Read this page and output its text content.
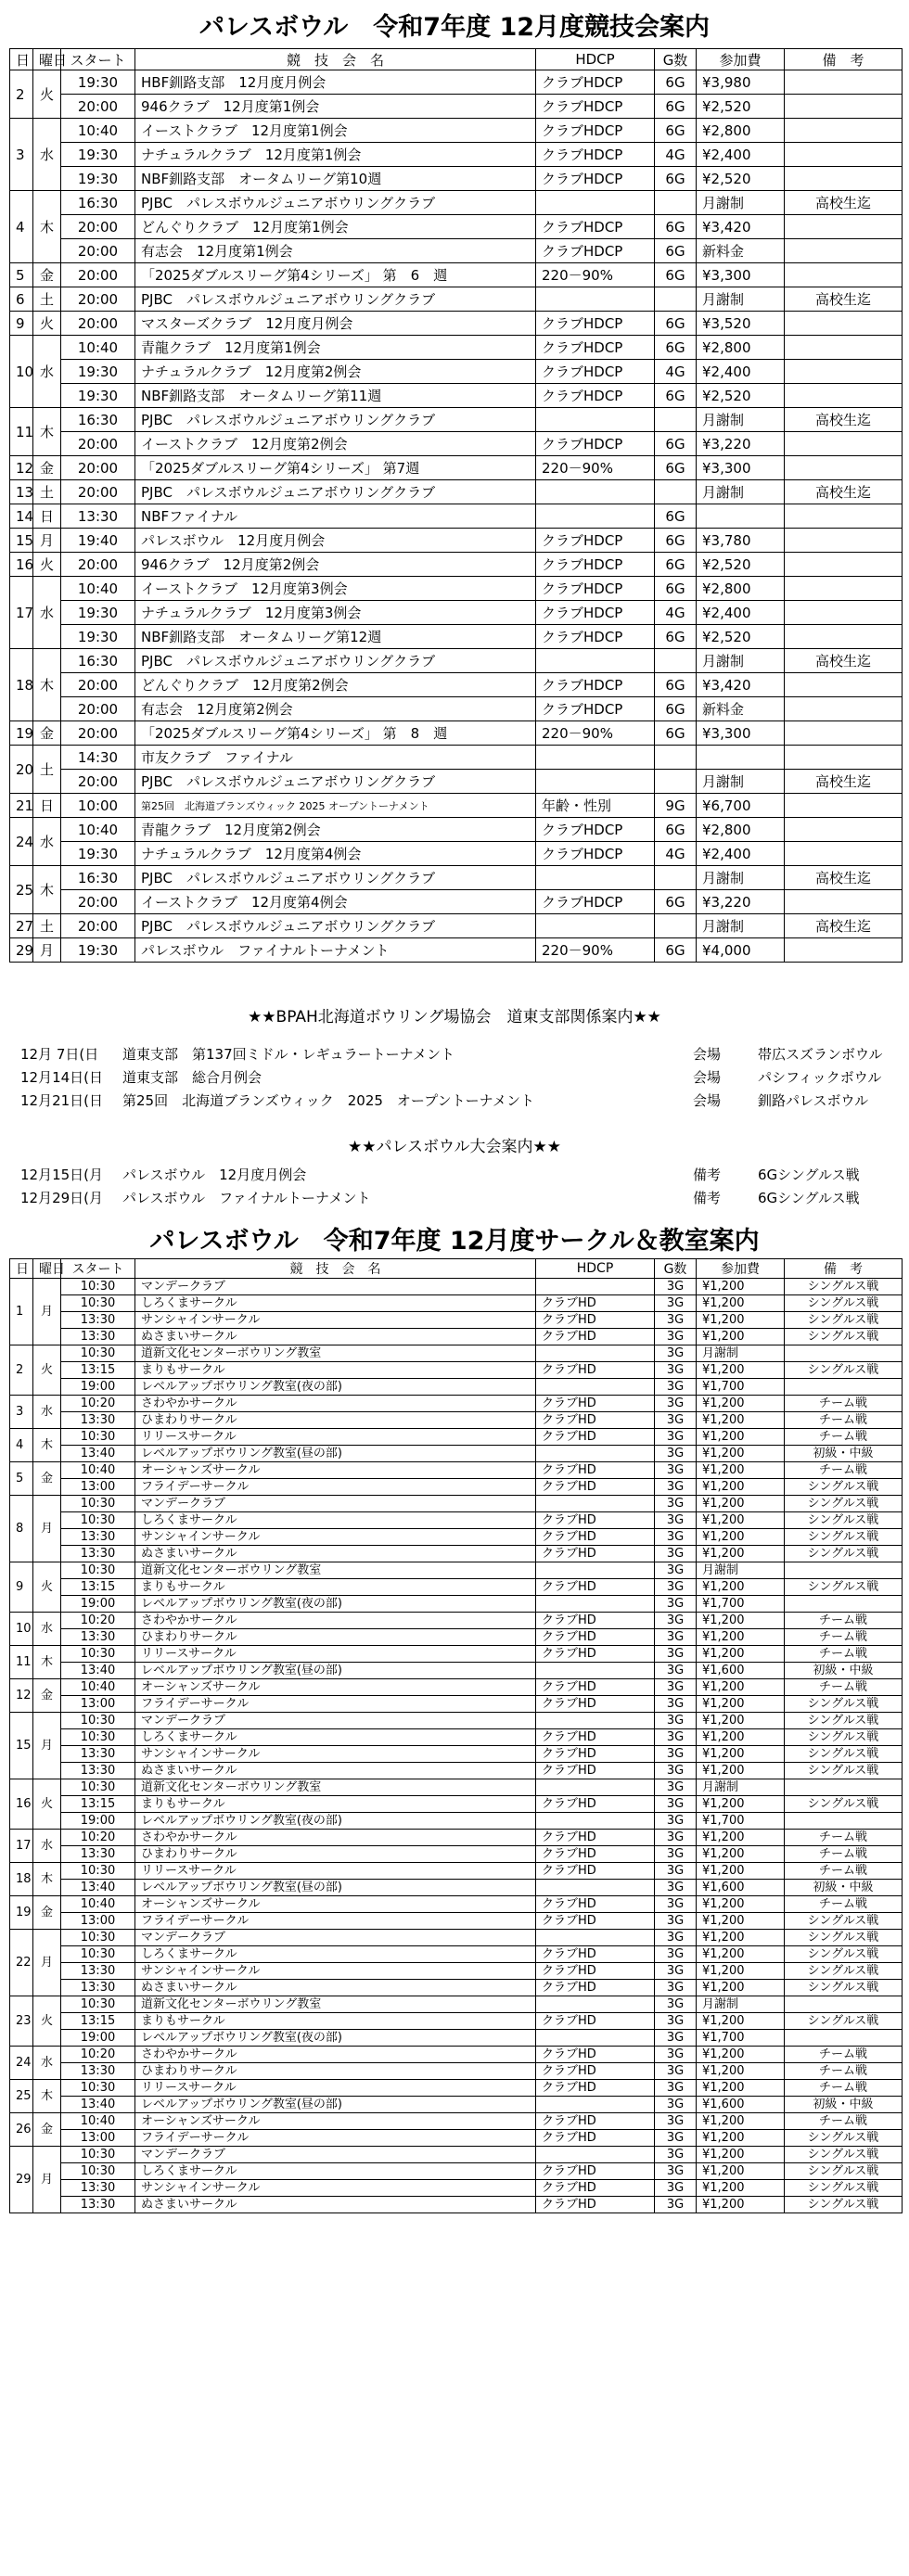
パレスボウル　令和7年度 12月度競技会案内
日	曜日	スタート	競　技　会　名	HDCP	G数	参加費	備　考
2	火	19:30	HBF釧路支部　12月度月例会	クラブHDCP	6G	¥3,980	
		20:00	946クラブ　12月度第1例会	クラブHDCP	6G	¥2,520	
3	水	10:40	イーストクラブ　12月度第1例会	クラブHDCP	6G	¥2,800	
		19:30	ナチュラルクラブ　12月度第1例会	クラブHDCP	4G	¥2,400	
		19:30	NBF釧路支部　オータムリーグ第10週	クラブHDCP	6G	¥2,520	
4	木	16:30	PJBC　パレスボウルジュニアボウリングクラブ			月謝制	高校生迄
		20:00	どんぐりクラブ　12月度第1例会	クラブHDCP	6G	¥3,420	
		20:00	有志会　12月度第1例会	クラブHDCP	6G	新料金	
5	金	20:00	「2025ダブルスリーグ第4シリーズ」 第　6　週	220－90%	6G	¥3,300	
6	土	20:00	PJBC　パレスボウルジュニアボウリングクラブ			月謝制	高校生迄
9	火	20:00	マスターズクラブ　12月度月例会	クラブHDCP	6G	¥3,520	
10	水	10:40	青龍クラブ　12月度第1例会	クラブHDCP	6G	¥2,800	
		19:30	ナチュラルクラブ　12月度第2例会	クラブHDCP	4G	¥2,400	
		19:30	NBF釧路支部　オータムリーグ第11週	クラブHDCP	6G	¥2,520	
11	木	16:30	PJBC　パレスボウルジュニアボウリングクラブ			月謝制	高校生迄
		20:00	イーストクラブ　12月度第2例会	クラブHDCP	6G	¥3,220	
12	金	20:00	「2025ダブルスリーグ第4シリーズ」 第7週	220－90%	6G	¥3,300	
13	土	20:00	PJBC　パレスボウルジュニアボウリングクラブ			月謝制	高校生迄
14	日	13:30	NBFファイナル		6G		
15	月	19:40	パレスボウル　12月度月例会	クラブHDCP	6G	¥3,780	
16	火	20:00	946クラブ　12月度第2例会	クラブHDCP	6G	¥2,520	
17	水	10:40	イーストクラブ　12月度第3例会	クラブHDCP	6G	¥2,800	
		19:30	ナチュラルクラブ　12月度第3例会	クラブHDCP	4G	¥2,400	
		19:30	NBF釧路支部　オータムリーグ第12週	クラブHDCP	6G	¥2,520	
18	木	16:30	PJBC　パレスボウルジュニアボウリングクラブ			月謝制	高校生迄
		20:00	どんぐりクラブ　12月度第2例会	クラブHDCP	6G	¥3,420	
		20:00	有志会　12月度第2例会	クラブHDCP	6G	新料金	
19	金	20:00	「2025ダブルスリーグ第4シリーズ」 第　8　週	220－90%	6G	¥3,300	
20	土	14:30	市友クラブ　ファイナル				
		20:00	PJBC　パレスボウルジュニアボウリングクラブ			月謝制	高校生迄
21	日	10:00	第25回　北海道ブランズウィック 2025 オープントーナメント	年齢・性別	9G	¥6,700	
24	水	10:40	青龍クラブ　12月度第2例会	クラブHDCP	6G	¥2,800	
		19:30	ナチュラルクラブ　12月度第4例会	クラブHDCP	4G	¥2,400	
25	木	16:30	PJBC　パレスボウルジュニアボウリングクラブ			月謝制	高校生迄
		20:00	イーストクラブ　12月度第4例会	クラブHDCP	6G	¥3,220	
27	土	20:00	PJBC　パレスボウルジュニアボウリングクラブ			月謝制	高校生迄
29	月	19:30	パレスボウル　ファイナルトーナメント	220－90%	6G	¥4,000	

★★BPAH北海道ボウリング場協会　道東支部関係案内★★

12月 7日(日 道東支部　第137回ミドル・レギュラートーナメント	会場	帯広スズランボウル
12月14日(日 道東支部　総合月例会	会場	パシフィックボウル
12月21日(日 第25回　北海道ブランズウィック　2025　オープントーナメント	会場	釧路パレスボウル

★★パレスボウル大会案内★★

12月15日(月 パレスボウル　12月度月例会	備考	6Gシングルス戦
12月29日(月 パレスボウル　ファイナルトーナメント	備考	6Gシングルス戦
パレスボウル　令和7年度 12月度サークル＆教室案内
日	曜日	スタート	競　技　会　名	HDCP	G数	参加費	備　考
1	月	10:30	マンデークラブ		3G	¥1,200	シングルス戦
		10:30	しろくまサークル	クラブHD	3G	¥1,200	シングルス戦
		13:30	サンシャインサークル	クラブHD	3G	¥1,200	シングルス戦
		13:30	ぬさまいサークル	クラブHD	3G	¥1,200	シングルス戦
2	火	10:30	道新文化センターボウリング教室		3G	月謝制	
		13:15	まりもサークル	クラブHD	3G	¥1,200	シングルス戦
		19:00	レベルアップボウリング教室(夜の部)		3G	¥1,700	
3	水	10:20	さわやかサークル	クラブHD	3G	¥1,200	チーム戦
		13:30	ひまわりサークル	クラブHD	3G	¥1,200	チーム戦
4	木	10:30	リリースサークル	クラブHD	3G	¥1,200	チーム戦
		13:40	レベルアップボウリング教室(昼の部)		3G	¥1,200	初級・中級
5	金	10:40	オーシャンズサークル	クラブHD	3G	¥1,200	チーム戦
		13:00	フライデーサークル	クラブHD	3G	¥1,200	シングルス戦
8	月	10:30	マンデークラブ		3G	¥1,200	シングルス戦
		10:30	しろくまサークル	クラブHD	3G	¥1,200	シングルス戦
		13:30	サンシャインサークル	クラブHD	3G	¥1,200	シングルス戦
		13:30	ぬさまいサークル	クラブHD	3G	¥1,200	シングルス戦
9	火	10:30	道新文化センターボウリング教室		3G	月謝制	
		13:15	まりもサークル	クラブHD	3G	¥1,200	シングルス戦
		19:00	レベルアップボウリング教室(夜の部)		3G	¥1,700	
10	水	10:20	さわやかサークル	クラブHD	3G	¥1,200	チーム戦
		13:30	ひまわりサークル	クラブHD	3G	¥1,200	チーム戦
11	木	10:30	リリースサークル	クラブHD	3G	¥1,200	チーム戦
		13:40	レベルアップボウリング教室(昼の部)		3G	¥1,600	初級・中級
12	金	10:40	オーシャンズサークル	クラブHD	3G	¥1,200	チーム戦
		13:00	フライデーサークル	クラブHD	3G	¥1,200	シングルス戦
15	月	10:30	マンデークラブ		3G	¥1,200	シングルス戦
		10:30	しろくまサークル	クラブHD	3G	¥1,200	シングルス戦
		13:30	サンシャインサークル	クラブHD	3G	¥1,200	シングルス戦
		13:30	ぬさまいサークル	クラブHD	3G	¥1,200	シングルス戦
16	火	10:30	道新文化センターボウリング教室		3G	月謝制	
		13:15	まりもサークル	クラブHD	3G	¥1,200	シングルス戦
		19:00	レベルアップボウリング教室(夜の部)		3G	¥1,700	
17	水	10:20	さわやかサークル	クラブHD	3G	¥1,200	チーム戦
		13:30	ひまわりサークル	クラブHD	3G	¥1,200	チーム戦
18	木	10:30	リリースサークル	クラブHD	3G	¥1,200	チーム戦
		13:40	レベルアップボウリング教室(昼の部)		3G	¥1,600	初級・中級
19	金	10:40	オーシャンズサークル	クラブHD	3G	¥1,200	チーム戦
		13:00	フライデーサークル	クラブHD	3G	¥1,200	シングルス戦
22	月	10:30	マンデークラブ		3G	¥1,200	シングルス戦
		10:30	しろくまサークル	クラブHD	3G	¥1,200	シングルス戦
		13:30	サンシャインサークル	クラブHD	3G	¥1,200	シングルス戦
		13:30	ぬさまいサークル	クラブHD	3G	¥1,200	シングルス戦
23	火	10:30	道新文化センターボウリング教室		3G	月謝制	
		13:15	まりもサークル	クラブHD	3G	¥1,200	シングルス戦
		19:00	レベルアップボウリング教室(夜の部)		3G	¥1,700	
24	水	10:20	さわやかサークル	クラブHD	3G	¥1,200	チーム戦
		13:30	ひまわりサークル	クラブHD	3G	¥1,200	チーム戦
25	木	10:30	リリースサークル	クラブHD	3G	¥1,200	チーム戦
		13:40	レベルアップボウリング教室(昼の部)		3G	¥1,600	初級・中級
26	金	10:40	オーシャンズサークル	クラブHD	3G	¥1,200	チーム戦
		13:00	フライデーサークル	クラブHD	3G	¥1,200	シングルス戦
29	月	10:30	マンデークラブ		3G	¥1,200	シングルス戦
		10:30	しろくまサークル	クラブHD	3G	¥1,200	シングルス戦
		13:30	サンシャインサークル	クラブHD	3G	¥1,200	シングルス戦
		13:30	ぬさまいサークル	クラブHD	3G	¥1,200	シングルス戦
